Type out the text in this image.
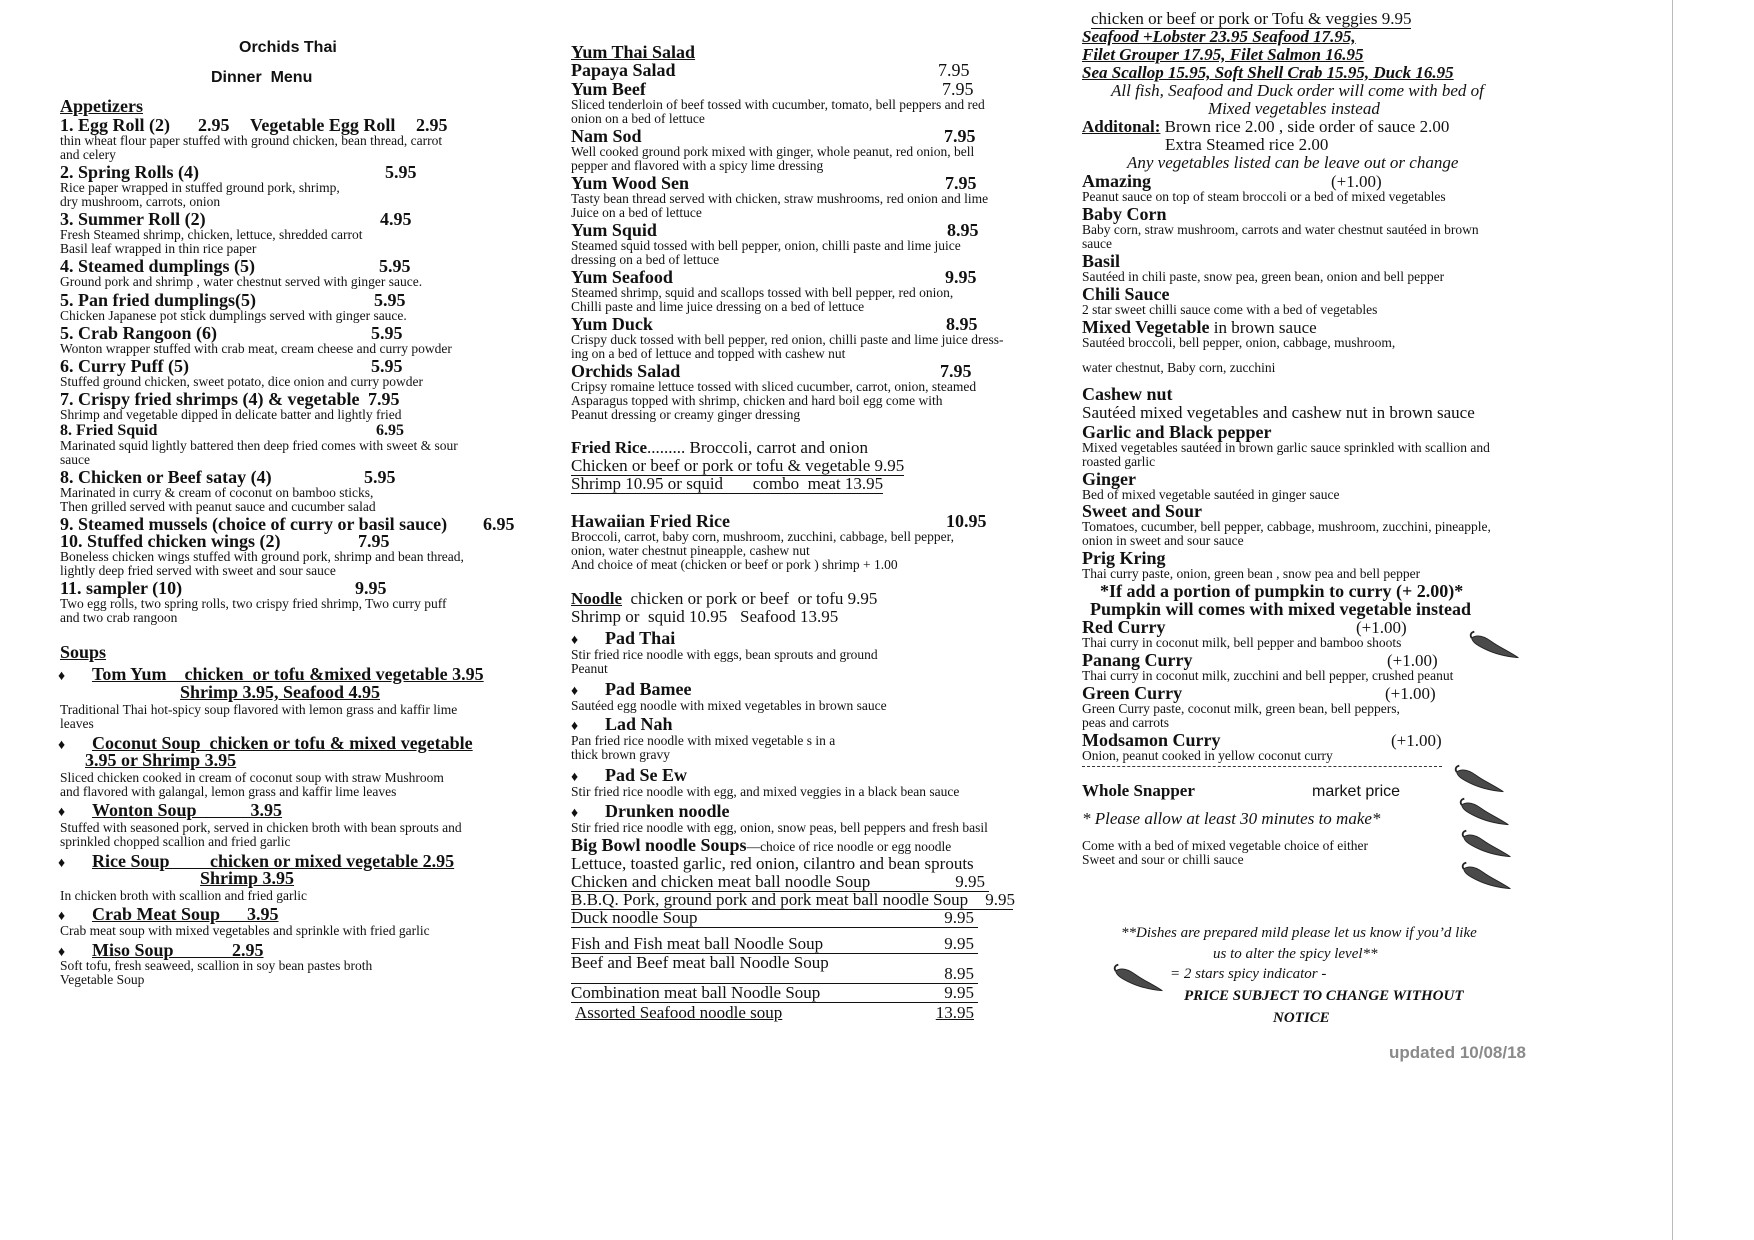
Orchids Thai
Dinner  Menu
Appetizers
1. Egg Roll (2) 2.95 Vegetable Egg Roll 2.95
thin wheat flour paper stuffed with ground chicken, bean thread, carrot
and celery
2. Spring Rolls (4)	5.95
Rice paper wrapped in stuffed ground pork, shrimp,
dry mushroom, carrots, onion
3. Summer Roll (2)	4.95
Fresh Steamed shrimp, chicken, lettuce, shredded carrot
Basil leaf wrapped in thin rice paper
4. Steamed dumplings (5)	5.95
Ground pork and shrimp , water chestnut served with ginger sauce.
5. Pan fried dumplings(5)	5.95
Chicken Japanese pot stick dumplings served with ginger sauce.
5. Crab Rangoon (6)	5.95
Wonton wrapper stuffed with crab meat, cream cheese and curry powder
6. Curry Puff (5)	5.95
Stuffed ground chicken, sweet potato, dice onion and curry powder
7. Crispy fried shrimps (4) & vegetable 7.95
Shrimp and vegetable dipped in delicate batter and lightly fried
8. Fried Squid	6.95
Marinated squid lightly battered then deep fried comes with sweet & sour
sauce
8. Chicken or Beef satay (4)	5.95
Marinated in curry & cream of coconut on bamboo sticks,
Then grilled served with peanut sauce and cucumber salad
9. Steamed mussels (choice of curry or basil sauce) 6.95
10. Stuffed chicken wings (2)	7.95
Boneless chicken wings stuffed with ground pork, shrimp and bean thread,
lightly deep fried served with sweet and sour sauce
11. sampler (10)	9.95
Two egg rolls, two spring rolls, two crispy fried shrimp, Two curry puff
and two crab rangoon
Soups
♦ Tom Yum    chicken  or tofu &mixed vegetable 3.95
Shrimp 3.95, Seafood 4.95
Traditional Thai hot-spicy soup flavored with lemon grass and kaffir lime
leaves
♦ Coconut Soup  chicken or tofu & mixed vegetable
3.95 or Shrimp 3.95
Sliced chicken cooked in cream of coconut soup with straw Mushroom
and flavored with galangal, lemon grass and kaffir lime leaves
♦ Wonton Soup            3.95
Stuffed with seasoned pork, served in chicken broth with bean sprouts and
sprinkled chopped scallion and fried garlic
♦ Rice Soup         chicken or mixed vegetable 2.95
Shrimp 3.95
In chicken broth with scallion and fried garlic
♦ Crab Meat Soup      3.95
Crab meat soup with mixed vegetables and sprinkle with fried garlic
♦ Miso Soup             2.95
Soft tofu, fresh seaweed, scallion in soy bean pastes broth
Vegetable Soup
Yum Thai Salad
Papaya Salad	7.95
Yum Beef	7.95
Sliced tenderloin of beef tossed with cucumber, tomato, bell peppers and red
onion on a bed of lettuce
Nam Sod	7.95
Well cooked ground pork mixed with ginger, whole peanut, red onion, bell
pepper and flavored with a spicy lime dressing
Yum Wood Sen	7.95
Tasty bean thread served with chicken, straw mushrooms, red onion and lime
Juice on a bed of lettuce
Yum Squid	8.95
Steamed squid tossed with bell pepper, onion, chilli paste and lime juice
dressing on a bed of lettuce
Yum Seafood	9.95
Steamed shrimp, squid and scallops tossed with bell pepper, red onion,
Chilli paste and lime juice dressing on a bed of lettuce
Yum Duck	8.95
Crispy duck tossed with bell pepper, red onion, chilli paste and lime juice dress-
ing on a bed of lettuce and topped with cashew nut
Orchids Salad	7.95
Cripsy romaine lettuce tossed with sliced cucumber, carrot, onion, steamed
Asparagus topped with shrimp, chicken and hard boil egg come with
Peanut dressing or creamy ginger dressing
Fried Rice......... Broccoli, carrot and onion
Chicken or beef or pork or tofu & vegetable 9.95
Shrimp 10.95 or squid       combo  meat 13.95
Hawaiian Fried Rice	10.95
Broccoli, carrot, baby corn, mushroom, zucchini, cabbage, bell pepper,
onion, water chestnut pineapple, cashew nut
And choice of meat (chicken or beef or pork ) shrimp + 1.00
Noodle chicken or pork or beef  or tofu 9.95
Shrimp or  squid 10.95   Seafood 13.95
♦ Pad Thai
Stir fried rice noodle with eggs, bean sprouts and ground
Peanut
♦ Pad Bamee
Sautéed egg noodle with mixed vegetables in brown sauce
♦ Lad Nah
Pan fried rice noodle with mixed vegetable s in a
thick brown gravy
♦ Pad Se Ew
Stir fried rice noodle with egg, and mixed veggies in a black bean sauce
♦ Drunken noodle
Stir fried rice noodle with egg, onion, snow peas, bell peppers and fresh basil
Big Bowl noodle Soups—choice of rice noodle or egg noodle
Lettuce, toasted garlic, red onion, cilantro and bean sprouts
Chicken and chicken meat ball noodle Soup	9.95
B.B.Q. Pork, ground pork and pork meat ball noodle Soup 9.95
Duck noodle Soup	9.95
Fish and Fish meat ball Noodle Soup	9.95
Beef and Beef meat ball Noodle Soup
8.95
Combination meat ball Noodle Soup	9.95
Assorted Seafood noodle soup	13.95
chicken or beef or pork or Tofu & veggies 9.95
Seafood +Lobster 23.95 Seafood 17.95,
Filet Grouper 17.95, Filet Salmon 16.95
Sea Scallop 15.95, Soft Shell Crab 15.95, Duck 16.95
All fish, Seafood and Duck order will come with bed of
Mixed vegetables instead
Additonal: Brown rice 2.00 , side order of sauce 2.00
Extra Steamed rice 2.00
Any vegetables listed can be leave out or change
Amazing	(+1.00)
Peanut sauce on top of steam broccoli or a bed of mixed vegetables
Baby Corn
Baby corn, straw mushroom, carrots and water chestnut sautéed in brown
sauce
Basil
Sautéed in chili paste, snow pea, green bean, onion and bell pepper
Chili Sauce
2 star sweet chilli sauce come with a bed of vegetables
Mixed Vegetable in brown sauce
Sautéed broccoli, bell pepper, onion, cabbage, mushroom,
water chestnut, Baby corn, zucchini
Cashew nut
Sautéed mixed vegetables and cashew nut in brown sauce
Garlic and Black pepper
Mixed vegetables sautéed in brown garlic sauce sprinkled with scallion and
roasted garlic
Ginger
Bed of mixed vegetable sautéed in ginger sauce
Sweet and Sour
Tomatoes, cucumber, bell pepper, cabbage, mushroom, zucchini, pineapple,
onion in sweet and sour sauce
Prig Kring
Thai curry paste, onion, green bean , snow pea and bell pepper
*If add a portion of pumpkin to curry (+ 2.00)*
Pumpkin will comes with mixed vegetable instead
Red Curry	(+1.00)
Thai curry in coconut milk, bell pepper and bamboo shoots
Panang Curry	(+1.00)
Thai curry in coconut milk, zucchini and bell pepper, crushed peanut
Green Curry	(+1.00)
Green Curry paste, coconut milk, green bean, bell peppers,
peas and carrots
Modsamon Curry	(+1.00)
Onion, peanut cooked in yellow coconut curry
Whole Snapper	market price
* Please allow at least 30 minutes to make*
Come with a bed of mixed vegetable choice of either
Sweet and sour or chilli sauce
**Dishes are prepared mild please let us know if you’d like
us to alter the spicy level**
= 2 stars spicy indicator -
PRICE SUBJECT TO CHANGE WITHOUT
NOTICE
updated 10/08/18
